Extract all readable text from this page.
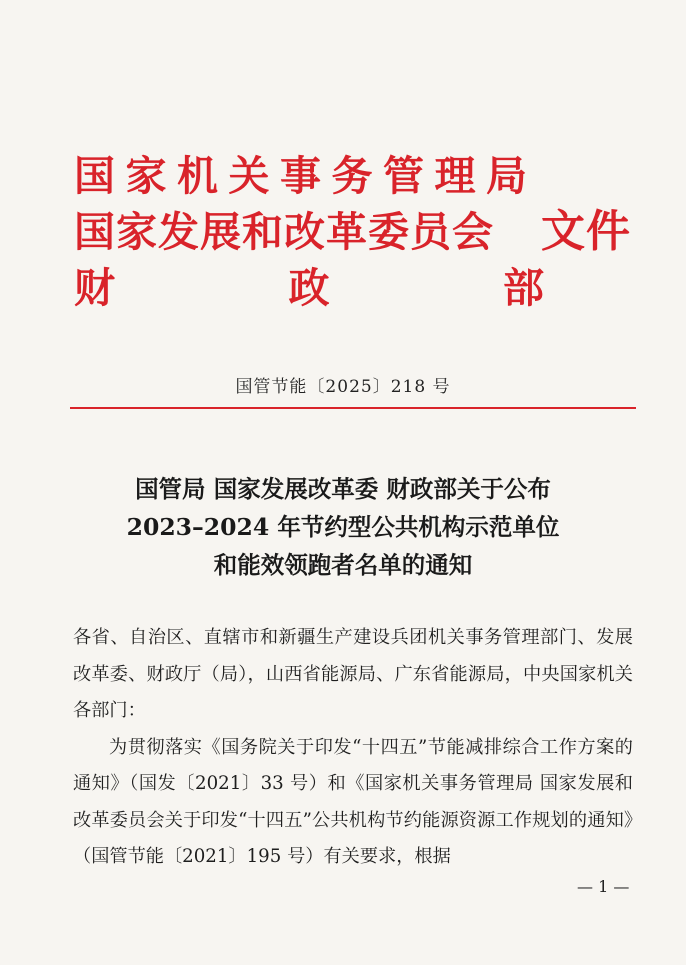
国家机关事务管理局
国家发展和改革委员会 文件
财	政	部
国管节能〔2025〕218 号
国管局 国家发展改革委 财政部关于公布
2023–2024 年节约型公共机构示范单位
和能效领跑者名单的通知
各省、自治区、直辖市和新疆生产建设兵团机关事务管理部门、发展改革委、财政厅（局），山西省能源局、广东省能源局，中央国家机关各部门：
为贯彻落实《国务院关于印发“十四五”节能减排综合工作方案的通知》（国发〔2021〕33 号）和《国家机关事务管理局 国家发展和改革委员会关于印发“十四五”公共机构节约能源资源工作规划的通知》（国管节能〔2021〕195 号）有关要求，根据
— 1 —
